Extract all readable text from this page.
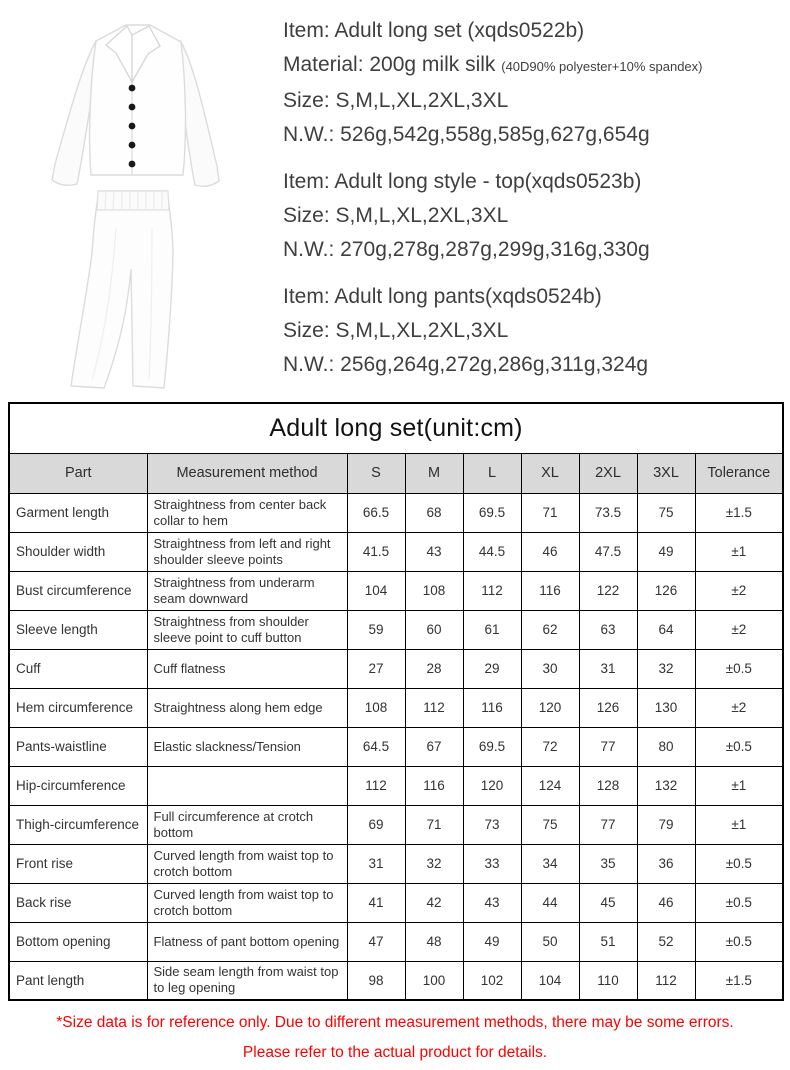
Item: Adult long set (xqds0522b)
Material: 200g milk silk (40D90% polyester+10% spandex)
Size: S,M,L,XL,2XL,3XL
N.W.: 526g,542g,558g,585g,627g,654g
Item: Adult long style - top(xqds0523b)
Size: S,M,L,XL,2XL,3XL
N.W.: 270g,278g,287g,299g,316g,330g
Item: Adult long pants(xqds0524b)
Size: S,M,L,XL,2XL,3XL
N.W.: 256g,264g,272g,286g,311g,324g
Adult long set(unit:cm)								
Part	Measurement method	S	M	L	XL	2XL	3XL	Tolerance
Garment length	Straightness from center back collar to hem	66.5	68	69.5	71	73.5	75	±1.5
Shoulder width	Straightness from left and right shoulder sleeve points	41.5	43	44.5	46	47.5	49	±1
Bust circumference	Straightness from underarm seam downward	104	108	112	116	122	126	±2
Sleeve length	Straightness from shoulder sleeve point to cuff button	59	60	61	62	63	64	±2
Cuff	Cuff flatness	27	28	29	30	31	32	±0.5
Hem circumference	Straightness along hem edge	108	112	116	120	126	130	±2
Pants-waistline	Elastic slackness/Tension	64.5	67	69.5	72	77	80	±0.5
Hip-circumference		112	116	120	124	128	132	±1
Thigh-circumference	Full circumference at crotch bottom	69	71	73	75	77	79	±1
Front rise	Curved length from waist top to crotch bottom	31	32	33	34	35	36	±0.5
Back rise	Curved length from waist top to crotch bottom	41	42	43	44	45	46	±0.5
Bottom opening	Flatness of pant bottom opening	47	48	49	50	51	52	±0.5
Pant length	Side seam length from waist top to leg opening	98	100	102	104	110	112	±1.5
*Size data is for reference only. Due to different measurement methods, there may be some errors.
Please refer to the actual product for details.
